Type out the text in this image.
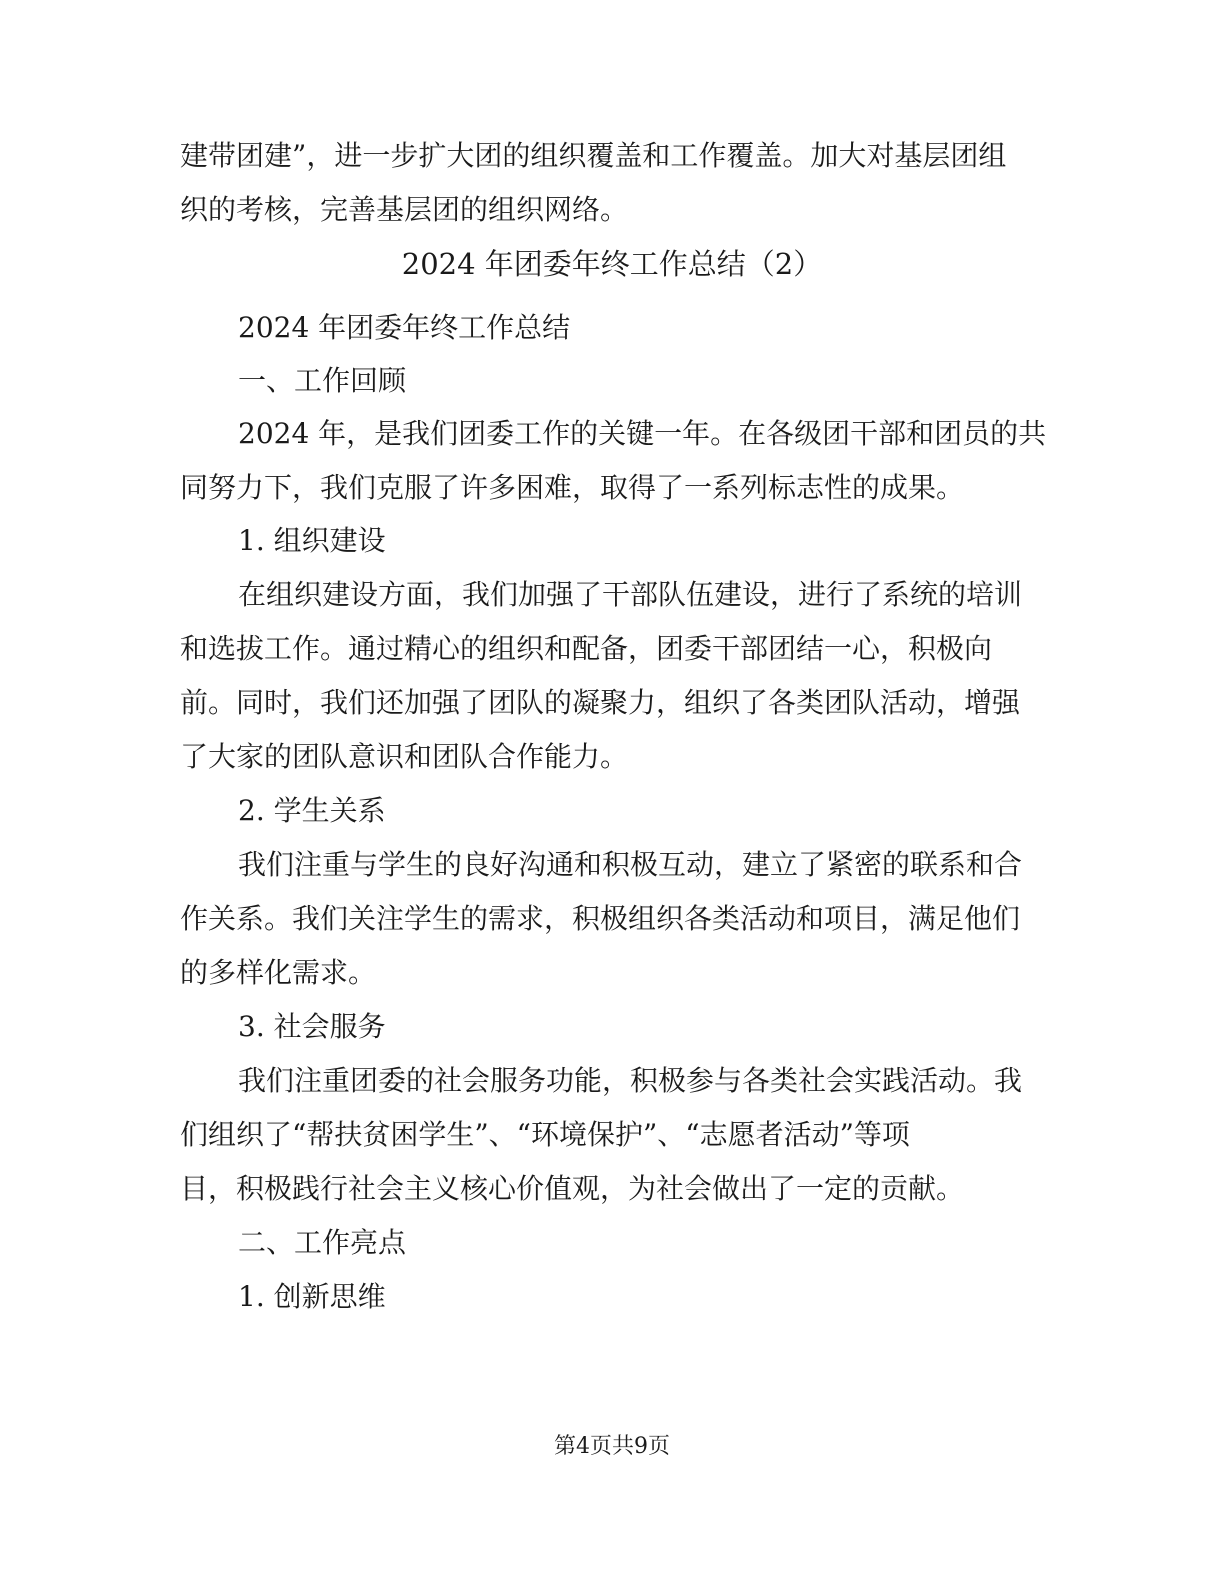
建带团建”，进一步扩大团的组织覆盖和工作覆盖。加大对基层团组
织的考核，完善基层团的组织网络。
2024 年团委年终工作总结（2）
2024 年团委年终工作总结
一、工作回顾
2024 年，是我们团委工作的关键一年。在各级团干部和团员的共
同努力下，我们克服了许多困难，取得了一系列标志性的成果。
1. 组织建设
在组织建设方面，我们加强了干部队伍建设，进行了系统的培训
和选拔工作。通过精心的组织和配备，团委干部团结一心，积极向
前。同时，我们还加强了团队的凝聚力，组织了各类团队活动，增强
了大家的团队意识和团队合作能力。
2. 学生关系
我们注重与学生的良好沟通和积极互动，建立了紧密的联系和合
作关系。我们关注学生的需求，积极组织各类活动和项目，满足他们
的多样化需求。
3. 社会服务
我们注重团委的社会服务功能，积极参与各类社会实践活动。我
们组织了“帮扶贫困学生”、“环境保护”、“志愿者活动”等项
目，积极践行社会主义核心价值观，为社会做出了一定的贡献。
二、工作亮点
1. 创新思维
第4页共9页
